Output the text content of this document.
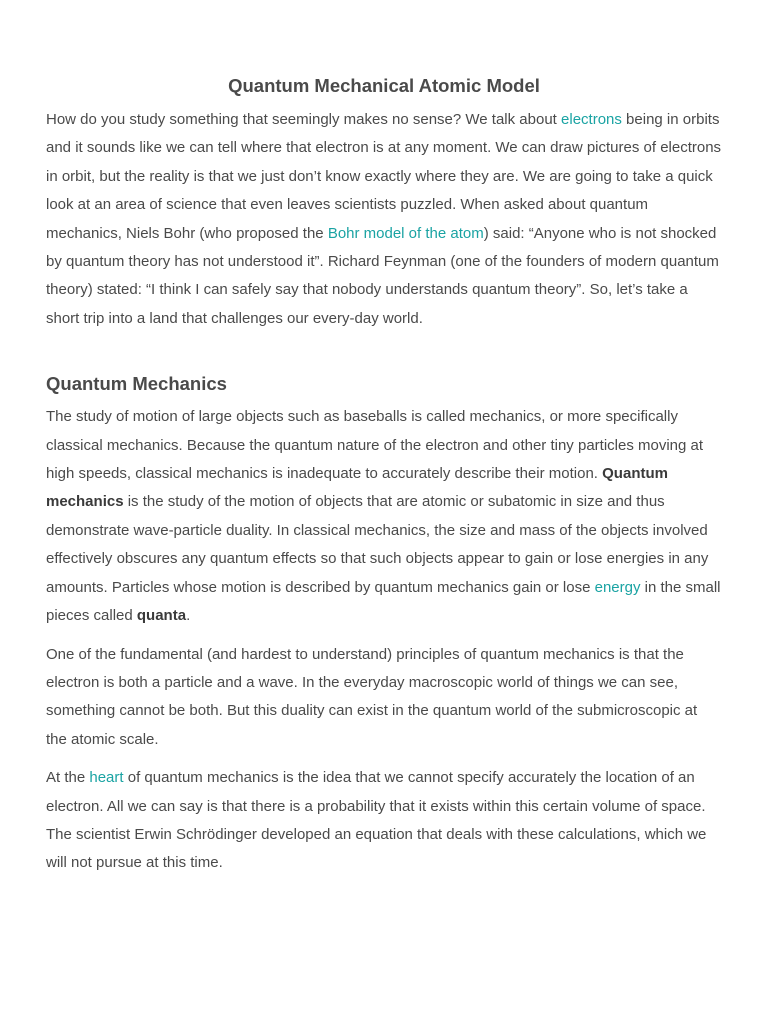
Quantum Mechanical Atomic Model

How do you study something that seemingly makes no sense? We talk about electrons being in orbits and it sounds like we can tell where that electron is at any moment. We can draw pictures of electrons in orbit, but the reality is that we just don’t know exactly where they are. We are going to take a quick look at an area of science that even leaves scientists puzzled. When asked about quantum mechanics, Niels Bohr (who proposed the Bohr model of the atom) said: “Anyone who is not shocked by quantum theory has not understood it”. Richard Feynman (one of the founders of modern quantum theory) stated: “I think I can safely say that nobody understands quantum theory”. So, let’s take a short trip into a land that challenges our every-day world.

Quantum Mechanics

The study of motion of large objects such as baseballs is called mechanics, or more specifically classical mechanics. Because the quantum nature of the electron and other tiny particles moving at high speeds, classical mechanics is inadequate to accurately describe their motion. Quantum mechanics is the study of the motion of objects that are atomic or subatomic in size and thus demonstrate wave-particle duality. In classical mechanics, the size and mass of the objects involved effectively obscures any quantum effects so that such objects appear to gain or lose energies in any amounts. Particles whose motion is described by quantum mechanics gain or lose energy in the small pieces called quanta.

One of the fundamental (and hardest to understand) principles of quantum mechanics is that the electron is both a particle and a wave. In the everyday macroscopic world of things we can see, something cannot be both. But this duality can exist in the quantum world of the submicroscopic at the atomic scale.

At the heart of quantum mechanics is the idea that we cannot specify accurately the location of an electron. All we can say is that there is a probability that it exists within this certain volume of space. The scientist Erwin Schrödinger developed an equation that deals with these calculations, which we will not pursue at this time.
